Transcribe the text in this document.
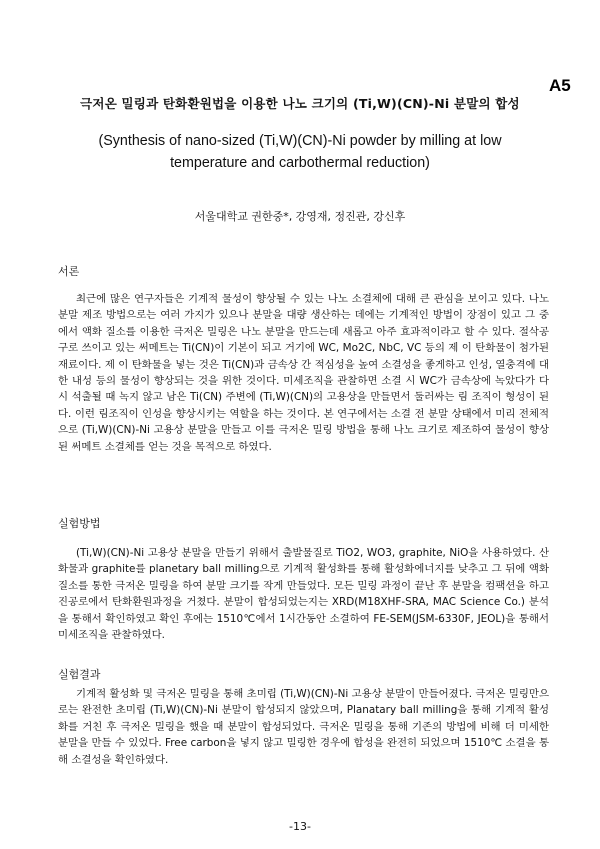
A5
극저온 밀링과 탄화환원법을 이용한 나노 크기의 (Ti,W)(CN)-Ni 분말의 합성
(Synthesis of nano-sized (Ti,W)(CN)-Ni powder by milling at low
temperature and carbothermal reduction)
서울대학교 권한중*, 강영재, 정진관, 강신후
서론

최근에 많은 연구자들은 기계적 물성이 향상될 수 있는 나노 소결체에 대해 큰 관심을 보이고 있다. 나노 분말 제조 방법으로는 여러 가지가 있으나 분말을 대량 생산하는 데에는 기계적인 방법이 장점이 있고 그 중에서 액화 질소를 이용한 극저온 밀링은 나노 분말을 만드는데 새롭고 아주 효과적이라고 할 수 있다. 절삭공구로 쓰이고 있는 써메트는 Ti(CN)이 기본이 되고 거기에 WC, Mo2C, NbC, VC 등의 제 이 탄화물이 첨가된 재료이다. 제 이 탄화물을 넣는 것은 Ti(CN)과 금속상 간 적심성을 높여 소결성을 좋게하고 인성, 열충격에 대한 내성 등의 물성이 향상되는 것을 위한 것이다. 미세조직을 관찰하면 소결 시 WC가 금속상에 녹았다가 다시 석출될 때 녹지 않고 남은 Ti(CN) 주변에 (Ti,W)(CN)의 고용상을 만들면서 둘러싸는 림 조직이 형성이 된다. 이런 림조직이 인성을 향상시키는 역할을 하는 것이다. 본 연구에서는 소결 전 분말 상태에서 미리 전체적으로 (Ti,W)(CN)-Ni 고용상 분말을 만들고 이를 극저온 밀링 방법을 통해 나노 크기로 제조하여 물성이 향상된 써메트 소결체를 얻는 것을 목적으로 하였다.

실험방법

(Ti,W)(CN)-Ni 고용상 분말을 만들기 위해서 출발물질로 TiO2, WO3, graphite, NiO을 사용하였다. 산화물과 graphite를 planetary ball milling으로 기계적 활성화를 통해 활성화에너지를 낮추고 그 뒤에 액화질소를 통한 극저온 밀링을 하여 분말 크기를 작게 만들었다. 모든 밀링 과정이 끝난 후 분말을 컴팩션을 하고 진공로에서 탄화환원과정을 거쳤다. 분말이 합성되었는지는 XRD(M18XHF-SRA, MAC Science Co.) 분석을 통해서 확인하였고 확인 후에는 1510℃에서 1시간동안 소결하여 FE-SEM(JSM-6330F, JEOL)을 통해서 미세조직을 관찰하였다.

실험결과

기계적 활성화 및 극저온 밀링을 통해 초미립 (Ti,W)(CN)-Ni 고용상 분말이 만들어졌다. 극저온 밀링만으로는 완전한 초미립 (Ti,W)(CN)-Ni 분말이 합성되지 않았으며, Planatary ball milling을 통해 기계적 활성화를 거친 후 극저온 밀링을 했을 때 분말이 합성되었다. 극저온 밀링을 통해 기존의 방법에 비해 더 미세한 분말을 만들 수 있었다. Free carbon을 넣지 않고 밀링한 경우에 합성을 완전히 되었으며 1510℃ 소결을 통해 소결성을 확인하였다.

-13-
